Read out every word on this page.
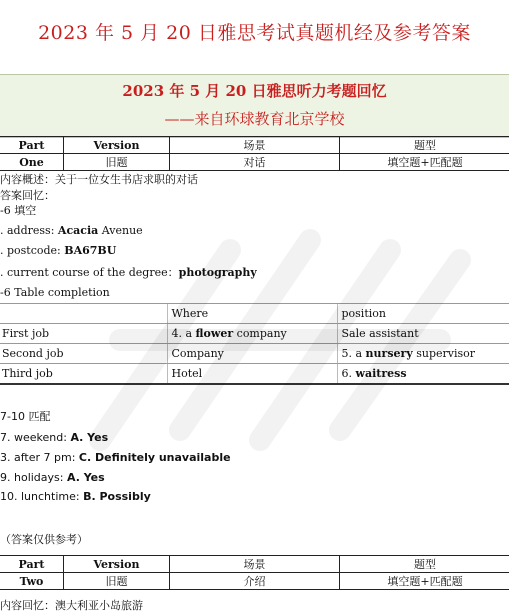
2023 年 5 月 20 日雅思考试真题机经及参考答案
2023 年 5 月 20 日雅思听力考题回忆
——来自环球教育北京学校
Part	Version	场景	题型
One	旧题	对话	填空题+匹配题
内容概述：关于一位女生书店求职的对话
答案回忆：
-6 填空
. address: Acacia Avenue
. postcode: BA67BU
. current course of the degree：photography
-6 Table completion
	Where	position
First job	4. a flower company	Sale assistant
Second job	Company	5. a nursery supervisor
Third job	Hotel	6. waitress
7-10 匹配
7. weekend: A. Yes
3. after 7 pm: C. Definitely unavailable
9. holidays: A. Yes
10. lunchtime: B. Possibly
（答案仅供参考）
Part	Version	场景	题型
Two	旧题	介绍	填空题+匹配题
内容回忆：澳大利亚小岛旅游
